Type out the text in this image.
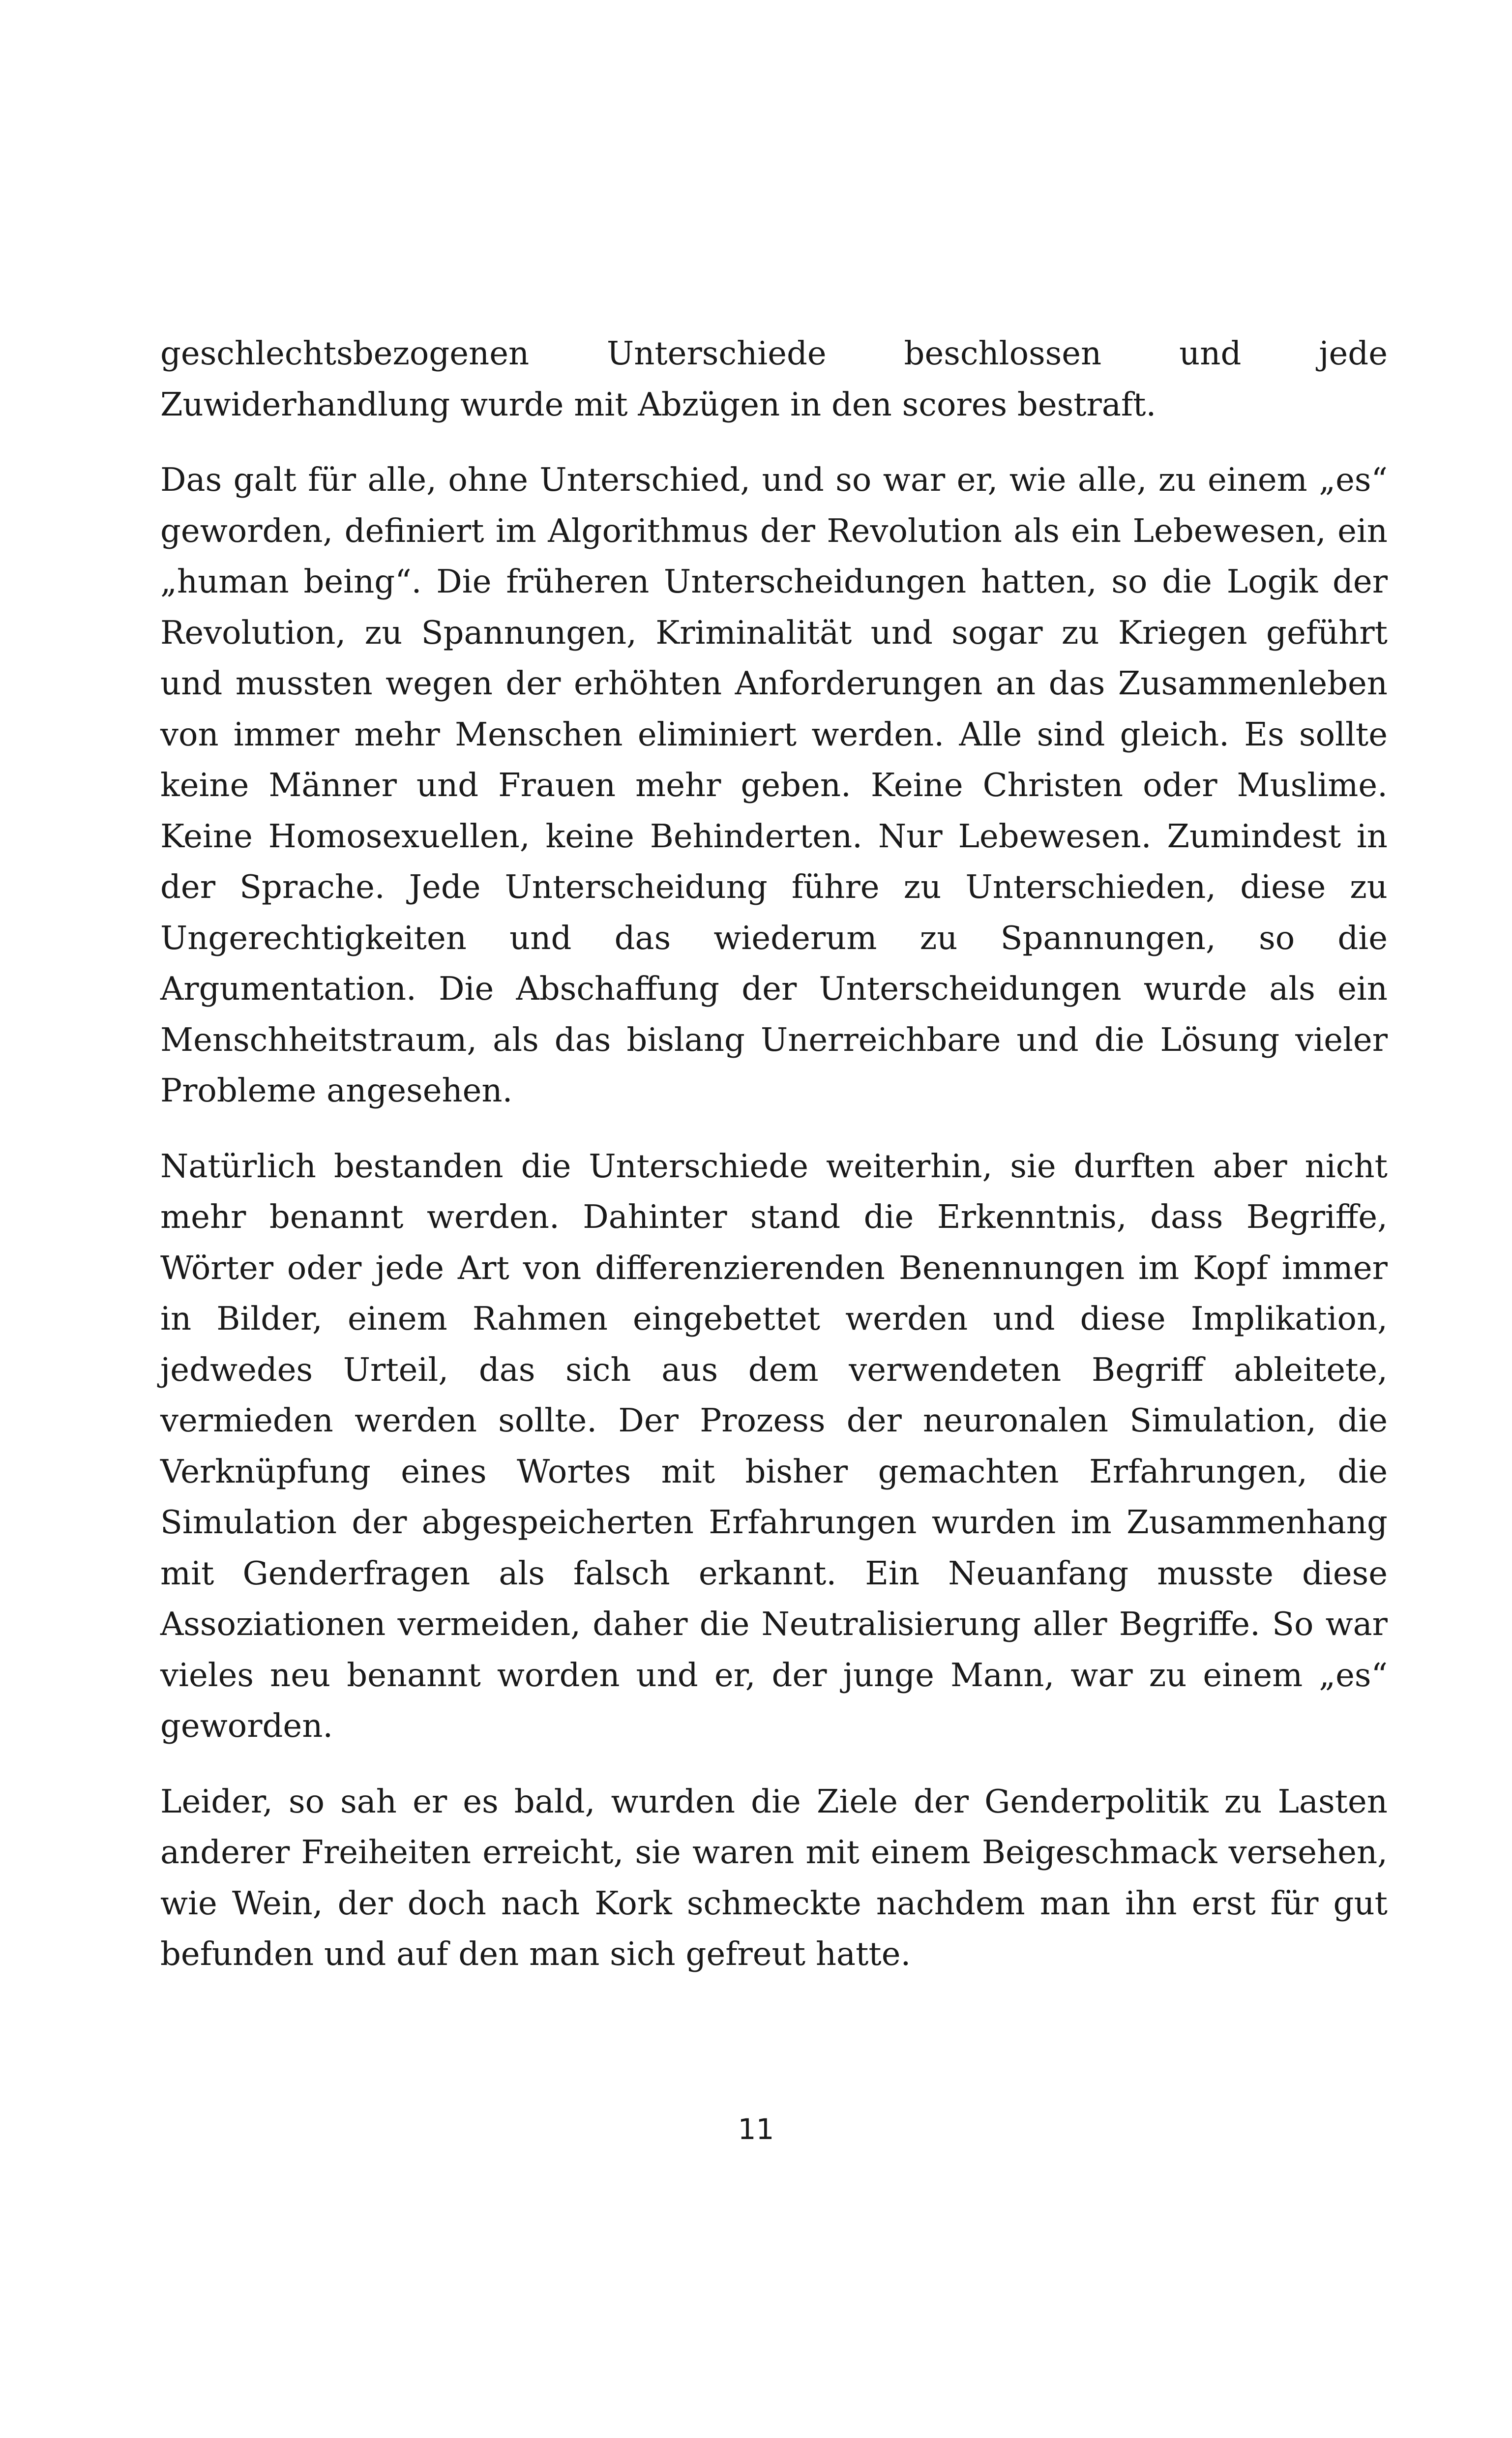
geschlechtsbezogenen Unterschiede beschlossen und jede Zuwiderhandlung wurde mit Abzügen in den scores bestraft.

Das galt für alle, ohne Unterschied, und so war er, wie alle, zu einem „es“ geworden, definiert im Algorithmus der Revolution als ein Lebewesen, ein „human being“. Die früheren Unterscheidungen hatten, so die Logik der Revolution, zu Spannungen, Kriminalität und sogar zu Kriegen geführt und mussten wegen der erhöhten Anforderungen an das Zusammenleben von immer mehr Menschen eliminiert werden. Alle sind gleich. Es sollte keine Männer und Frauen mehr geben. Keine Christen oder Muslime. Keine Homosexuellen, keine Behinderten. Nur Lebewesen. Zumindest in der Sprache. Jede Unterscheidung führe zu Unterschieden, diese zu Ungerechtigkeiten und das wiederum zu Spannungen, so die Argumentation. Die Abschaffung der Unterscheidungen wurde als ein Menschheitstraum, als das bislang Unerreichbare und die Lösung vieler Probleme angesehen.

Natürlich bestanden die Unterschiede weiterhin, sie durften aber nicht mehr benannt werden. Dahinter stand die Erkenntnis, dass Begriffe, Wörter oder jede Art von differenzierenden Benennungen im Kopf immer in Bilder, einem Rahmen eingebettet werden und diese Implikation, jedwedes Urteil, das sich aus dem verwendeten Begriff ableitete, vermieden werden sollte. Der Prozess der neuronalen Simulation, die Verknüpfung eines Wortes mit bisher gemachten Erfahrungen, die Simulation der abgespeicherten Erfahrungen wurden im Zusammenhang mit Genderfragen als falsch erkannt. Ein Neuanfang musste diese Assoziationen vermeiden, daher die Neutralisierung aller Begriffe. So war vieles neu benannt worden und er, der junge Mann, war zu einem „es“ geworden.

Leider, so sah er es bald, wurden die Ziele der Genderpolitik zu Lasten anderer Freiheiten erreicht, sie waren mit einem Beigeschmack versehen, wie Wein, der doch nach Kork schmeckte nachdem man ihn erst für gut befunden und auf den man sich gefreut hatte.

11
